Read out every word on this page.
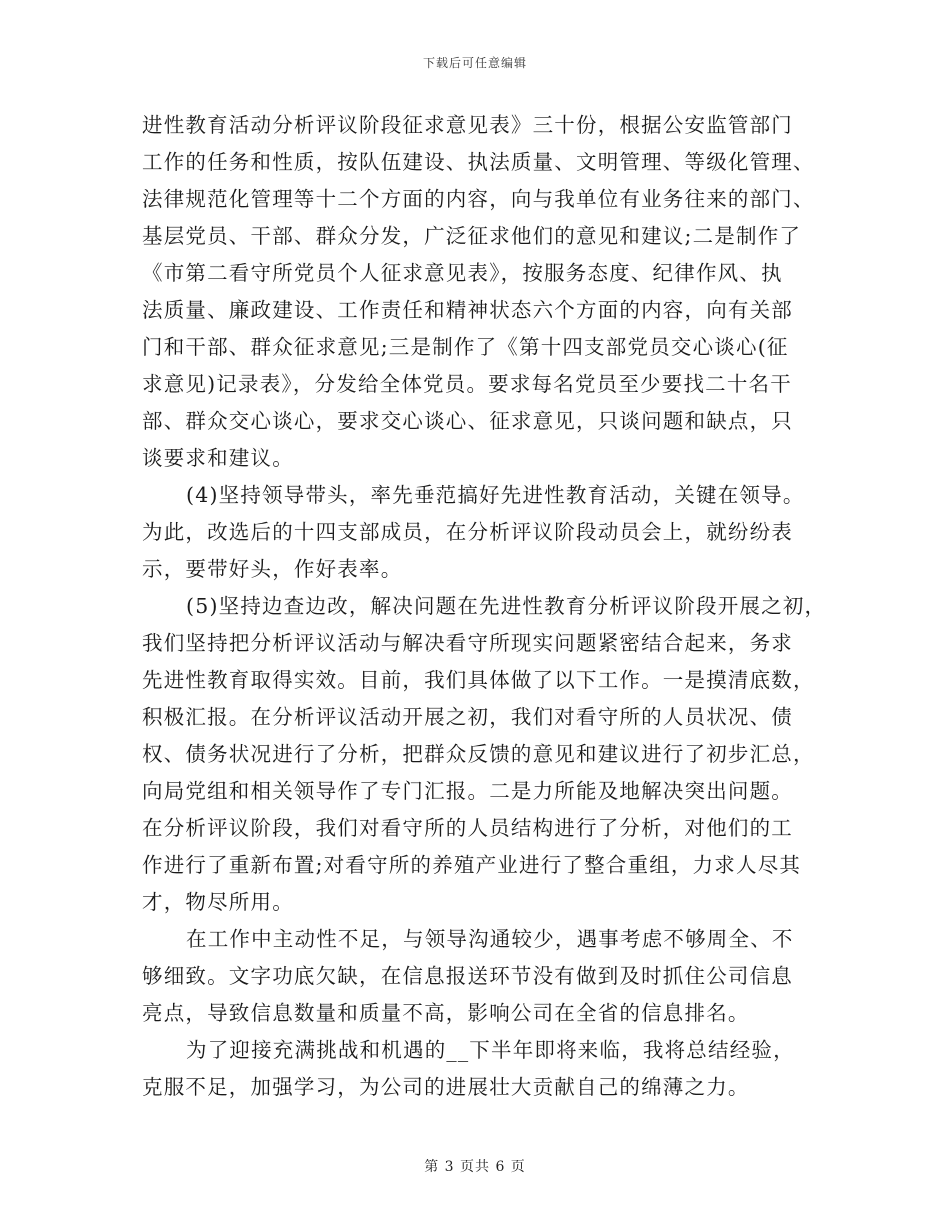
下载后可任意编辑
进性教育活动分析评议阶段征求意见表》三十份，根据公安监管部门
工作的任务和性质，按队伍建设、执法质量、文明管理、等级化管理、
法律规范化管理等十二个方面的内容，向与我单位有业务往来的部门、
基层党员、干部、群众分发，广泛征求他们的意见和建议;二是制作了
《市第二看守所党员个人征求意见表》，按服务态度、纪律作风、执
法质量、廉政建设、工作责任和精神状态六个方面的内容，向有关部
门和干部、群众征求意见;三是制作了《第十四支部党员交心谈心(征
求意见)记录表》，分发给全体党员。要求每名党员至少要找二十名干
部、群众交心谈心，要求交心谈心、征求意见，只谈问题和缺点，只
谈要求和建议。
(4)坚持领导带头，率先垂范搞好先进性教育活动，关键在领导。
为此，改选后的十四支部成员，在分析评议阶段动员会上，就纷纷表
示，要带好头，作好表率。
(5)坚持边查边改，解决问题在先进性教育分析评议阶段开展之初，
我们坚持把分析评议活动与解决看守所现实问题紧密结合起来，务求
先进性教育取得实效。目前，我们具体做了以下工作。一是摸清底数，
积极汇报。在分析评议活动开展之初，我们对看守所的人员状况、债
权、债务状况进行了分析，把群众反馈的意见和建议进行了初步汇总，
向局党组和相关领导作了专门汇报。二是力所能及地解决突出问题。
在分析评议阶段，我们对看守所的人员结构进行了分析，对他们的工
作进行了重新布置;对看守所的养殖产业进行了整合重组，力求人尽其
才，物尽所用。
在工作中主动性不足，与领导沟通较少，遇事考虑不够周全、不
够细致。文字功底欠缺，在信息报送环节没有做到及时抓住公司信息
亮点，导致信息数量和质量不高，影响公司在全省的信息排名。
为了迎接充满挑战和机遇的__下半年即将来临，我将总结经验，
克服不足，加强学习，为公司的进展壮大贡献自己的绵薄之力。
第 3 页共 6 页
